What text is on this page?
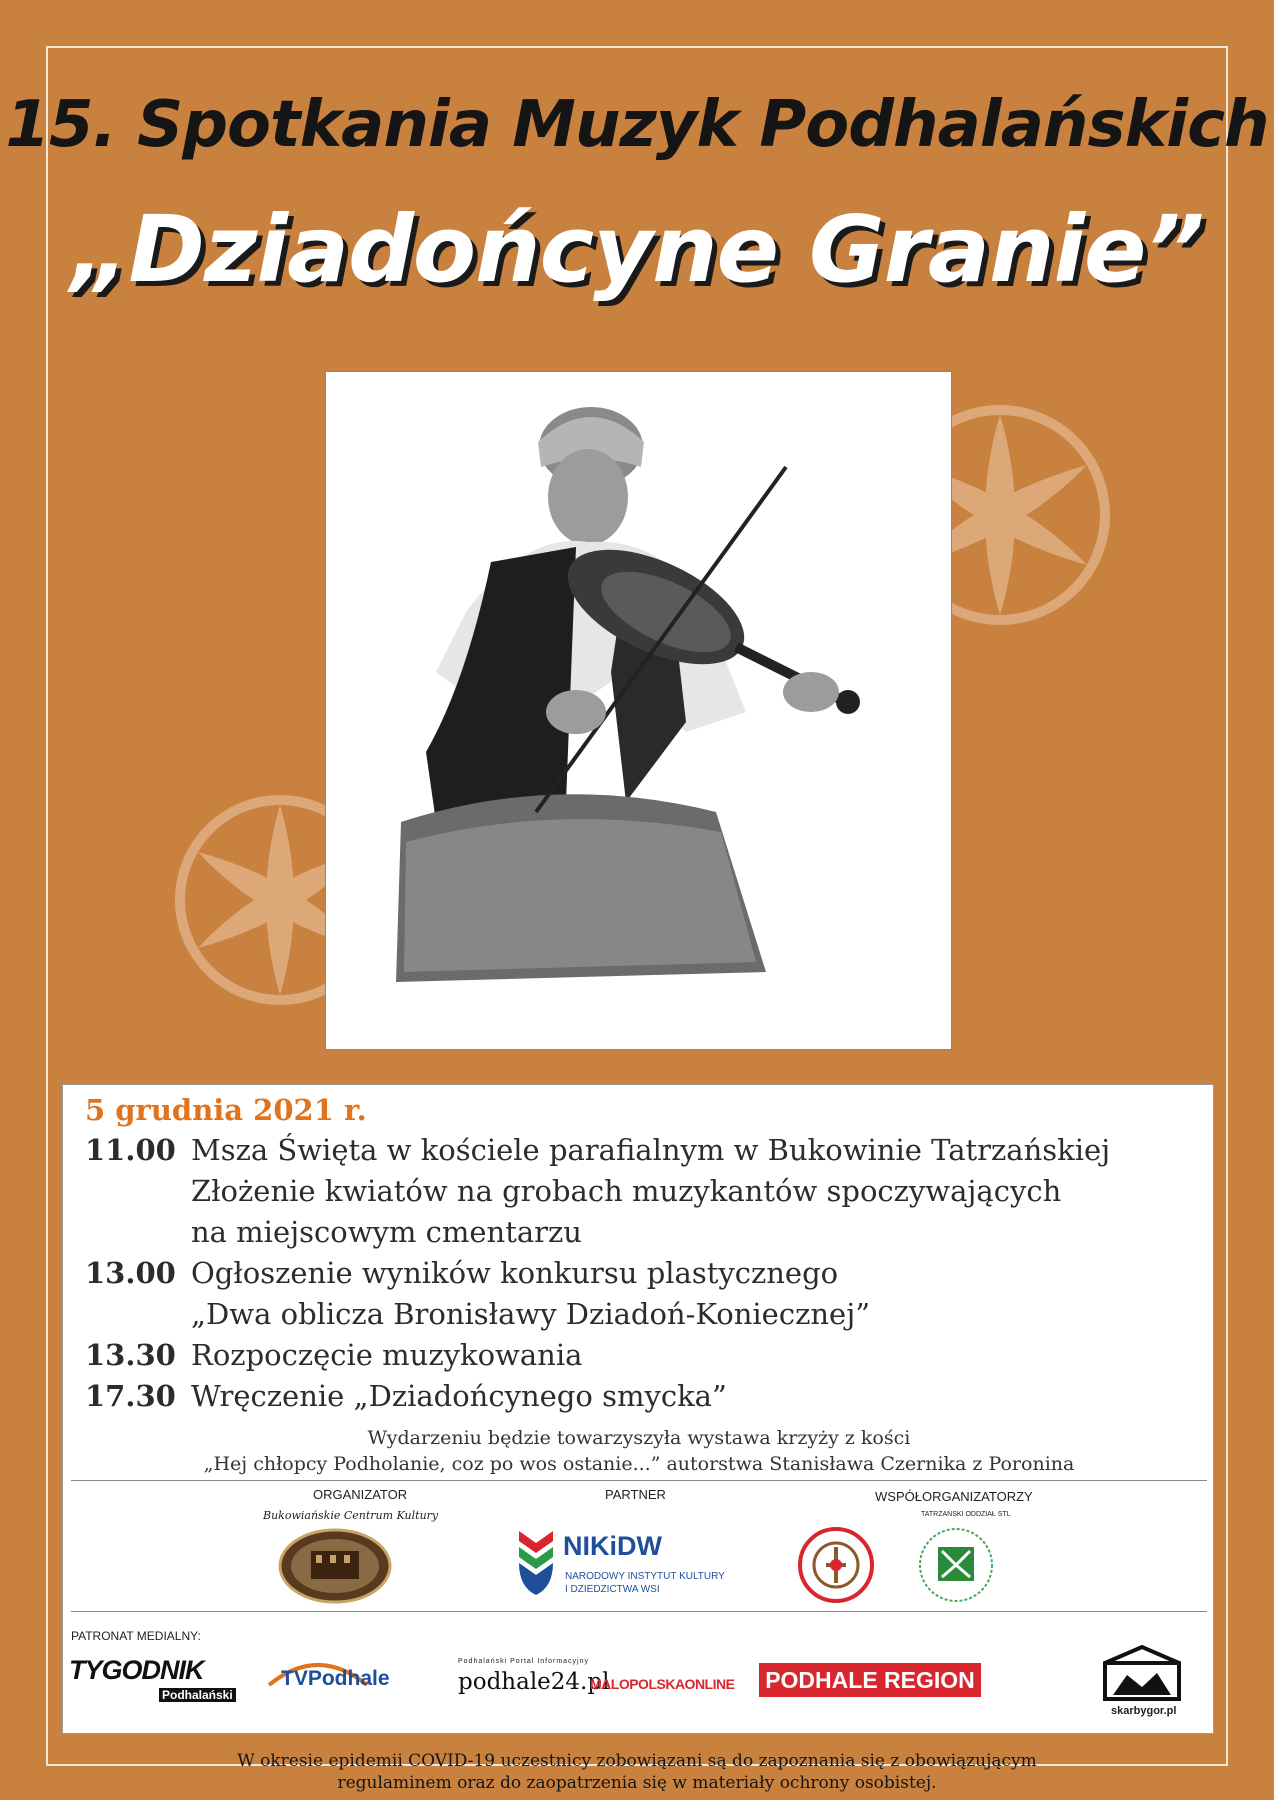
15. Spotkania Muzyk Podhalańskich
„Dziadońcyne Granie”
5 grudnia 2021 r.
11.00 Msza Święta w kościele parafialnym w Bukowinie Tatrzańskiej
Złożenie kwiatów na grobach muzykantów spoczywających
na miejscowym cmentarzu
13.00 Ogłoszenie wyników konkursu plastycznego
„Dwa oblicza Bronisławy Dziadoń-Koniecznej”
13.30 Rozpoczęcie muzykowania
17.30 Wręczenie „Dziadońcynego smycka”
Wydarzeniu będzie towarzyszyła wystawa krzyży z kości
„Hej chłopcy Podholanie, coz po wos ostanie...” autorstwa Stanisława Czernika z Poronina
ORGANIZATOR	PARTNER	WSPÓŁORGANIZATORZY
Bukowiańskie Centrum Kultury
NIKiDW
NARODOWY INSTYTUT KULTURY
I DZIEDZICTWA WSI
TATRZAŃSKI ODDZIAŁ STL
PATRONAT MEDIALNY:
TYGODNIK
Podhalański
TVPodhale
Podhalański Portal Informacyjny
podhale24.pl
MALOPOLSKAONLINE PODHALE REGION
skarbygor.pl
W okresie epidemii COVID-19 uczestnicy zobowiązani są do zapoznania się z obowiązującym
regulaminem oraz do zaopatrzenia się w materiały ochrony osobistej.
